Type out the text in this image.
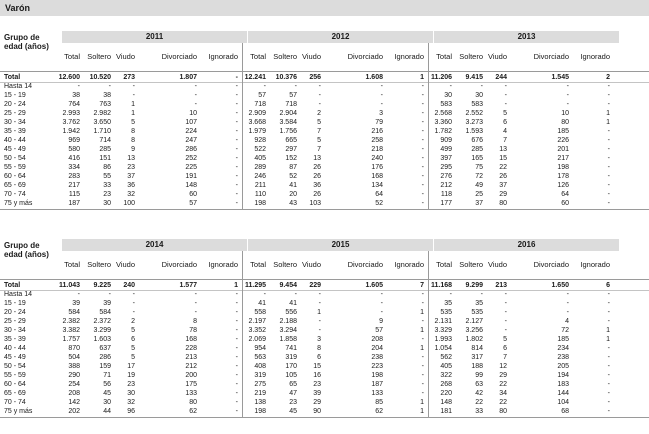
Varón
Grupo de edad (años)
2011
Total Soltero Viudo	Divorciado	Ignorado
2012
Total Soltero Viudo	Divorciado	Ignorado
2013
Total Soltero Viudo	Divorciado	Ignorado
Total	12.600	10.520	273	1.807	- 12.241	10.376	256	1.608	1 11.206	9.415	244	1.545	2
Hasta 14	-	-	-	-	-	-	-	-	-	-	-	-	-	-	-
15 - 19	38	38	-	-	-	57	57	-	-	-	30	30	-	-	-
20 - 24	764	763	1	-	-	718	718	-	-	-	583	583	-	-	-
25 - 29	2.993	2.982	1	10	-	2.909	2.904	2	3	-	2.568	2.552	5	10	1
30 - 34	3.762	3.650	5	107	-	3.668	3.584	5	79	-	3.360	3.273	6	80	1
35 - 39	1.942	1.710	8	224	-	1.979	1.756	7	216	-	1.782	1.593	4	185	-
40 - 44	969	714	8	247	-	928	665	5	258	-	909	676	7	226	-
45 - 49	580	285	9	286	-	522	297	7	218	-	499	285	13	201	-
50 - 54	416	151	13	252	-	405	152	13	240	-	397	165	15	217	-
55 - 59	334	86	23	225	-	289	87	26	176	-	295	75	22	198	-
60 - 64	283	55	37	191	-	246	52	26	168	-	276	72	26	178	-
65 - 69	217	33	36	148	-	211	41	36	134	-	212	49	37	126	-
70 - 74	115	23	32	60	-	110	20	26	64	-	118	25	29	64	-
75 y más	187	30	100	57	-	198	43	103	52	-	177	37	80	60	-
Grupo de edad (años)
2014
Total Soltero Viudo	Divorciado	Ignorado
2015
Total Soltero Viudo	Divorciado	Ignorado
2016
Total Soltero Viudo	Divorciado	Ignorado
Total	11.043	9.225	240	1.577	1 11.295	9.454	229	1.605	7 11.168	9.299	213	1.650	6
Hasta 14	-	-	-	-	-	-	-	-	-	-	-	-	-	-	-
15 - 19	39	39	-	-	-	41	41	-	-	-	35	35	-	-	-
20 - 24	584	584	-	-	-	558	556	1	-	1	535	535	-	-	-
25 - 29	2.382	2.372	2	8	-	2.197	2.188	-	9	-	2.131	2.127	-	4	-
30 - 34	3.382	3.299	5	78	-	3.352	3.294	-	57	1	3.329	3.256	-	72	1
35 - 39	1.757	1.603	6	168	-	2.069	1.858	3	208	-	1.993	1.802	5	185	1
40 - 44	870	637	5	228	-	954	741	8	204	1	1.054	814	6	234	-
45 - 49	504	286	5	213	-	563	319	6	238	-	562	317	7	238	-
50 - 54	388	159	17	212	-	408	170	15	223	-	405	188	12	205	-
55 - 59	290	71	19	200	-	319	105	16	198	-	322	99	29	194	-
60 - 64	254	56	23	175	-	275	65	23	187	-	268	63	22	183	-
65 - 69	208	45	30	133	-	219	47	39	133	-	220	42	34	144	-
70 - 74	142	30	32	80	-	138	23	29	85	1	148	22	22	104	-
75 y más	202	44	96	62	-	198	45	90	62	1	181	33	80	68	-
